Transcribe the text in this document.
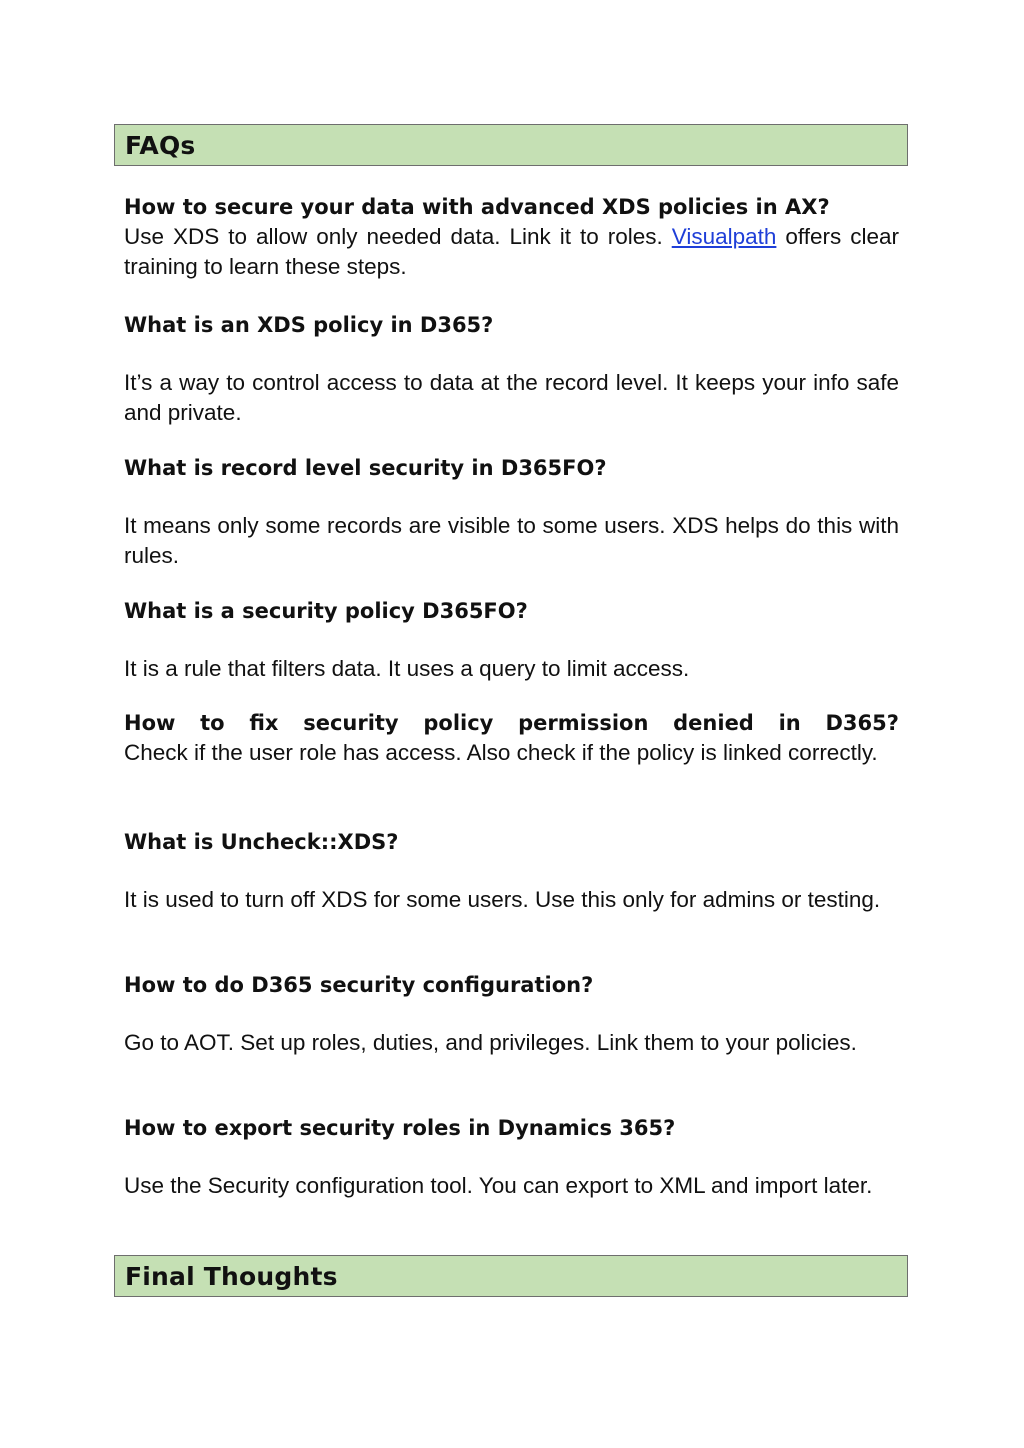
FAQs
How to secure your data with advanced XDS policies in AX?
Use XDS to allow only needed data. Link it to roles. Visualpath offers clear training to learn these steps.
What is an XDS policy in D365?
It’s a way to control access to data at the record level. It keeps your info safe and private.
What is record level security in D365FO?
It means only some records are visible to some users. XDS helps do this with rules.
What is a security policy D365FO?
It is a rule that filters data. It uses a query to limit access.
How to fix security policy permission denied in D365?
Check if the user role has access. Also check if the policy is linked correctly.
What is Uncheck::XDS?
It is used to turn off XDS for some users. Use this only for admins or testing.
How to do D365 security configuration?
Go to AOT. Set up roles, duties, and privileges. Link them to your policies.
How to export security roles in Dynamics 365?
Use the Security configuration tool. You can export to XML and import later.
Final Thoughts
